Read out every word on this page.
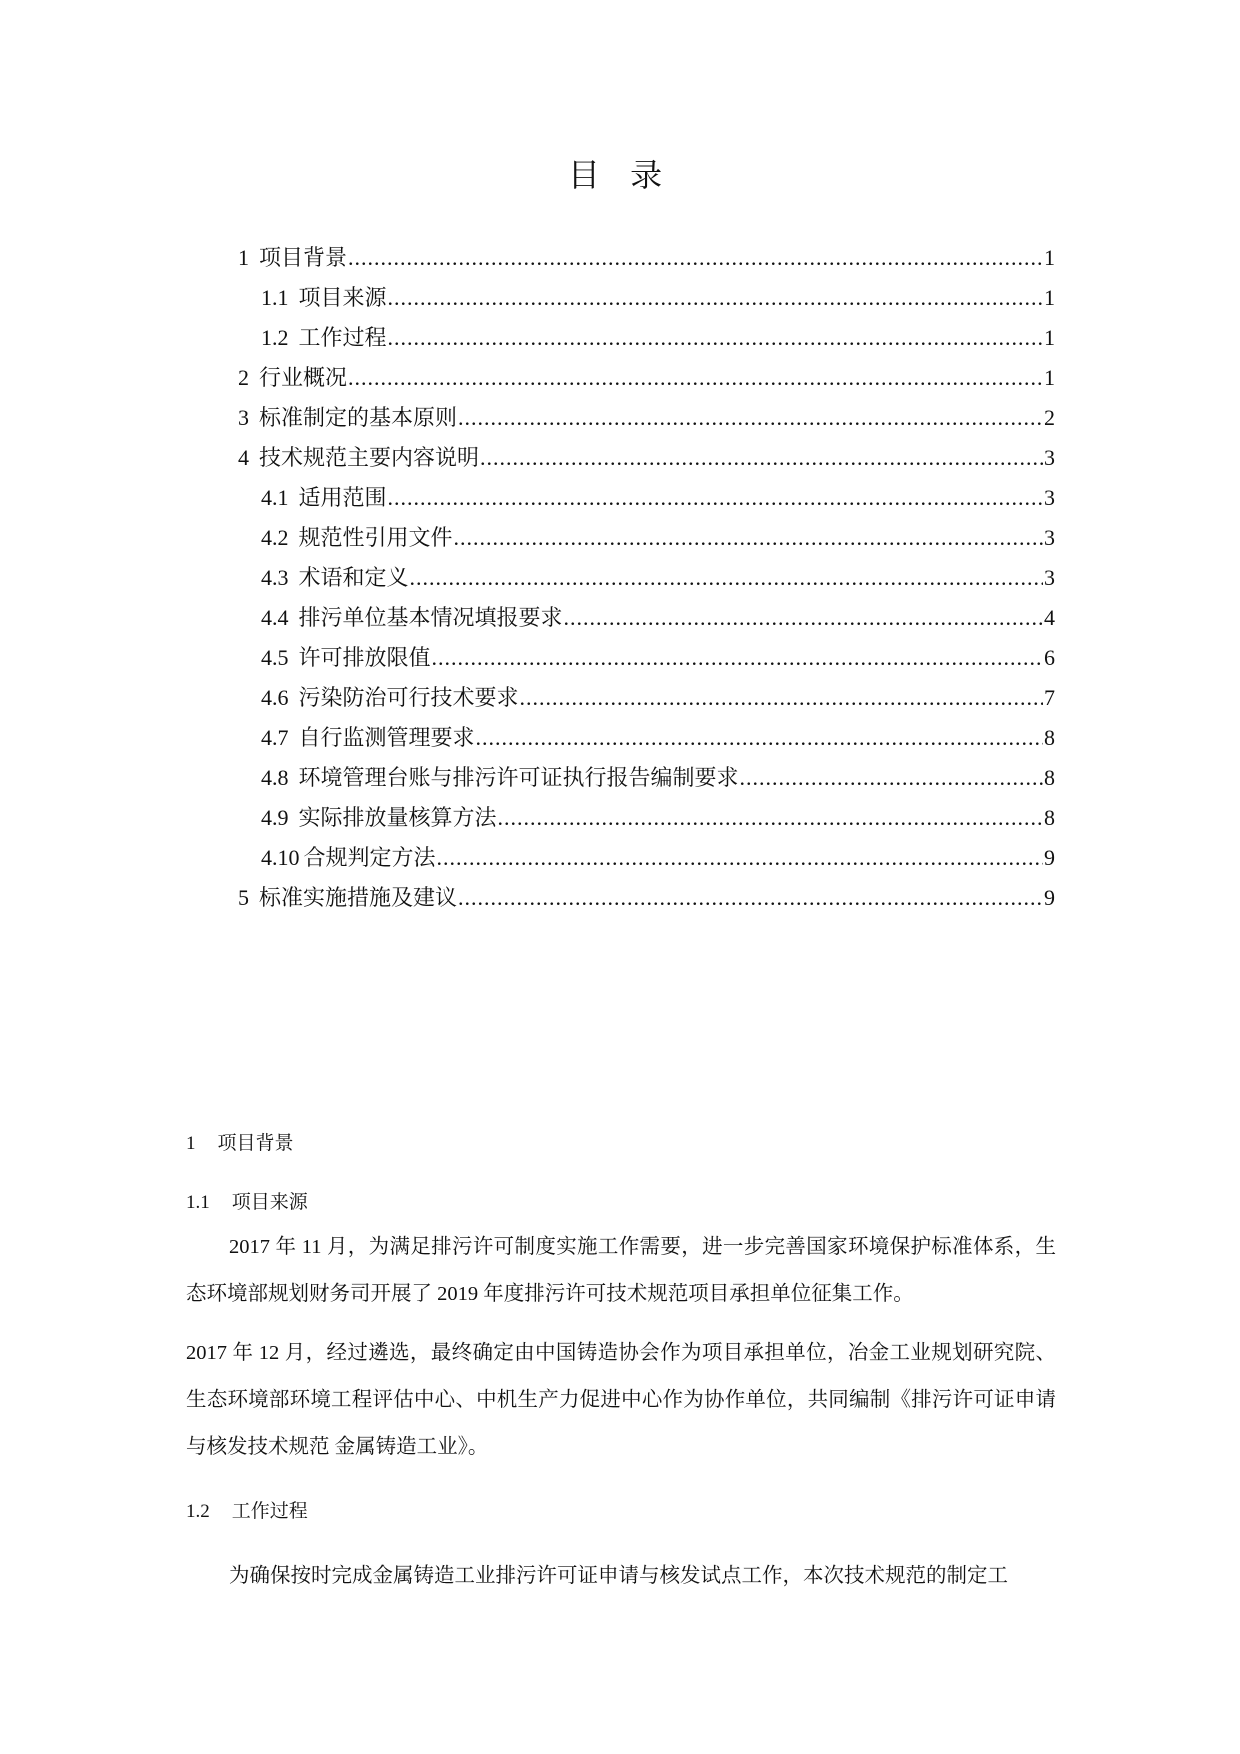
目 录
1 项目背景 .....	1
1.1 项目来源 .....	1
1.2 工作过程 .....	1
2 行业概况 .....	1
3 标准制定的基本原则 .....	2
4 技术规范主要内容说明 .....	3
4.1 适用范围 .....	3
4.2 规范性引用文件 .....	3
4.3 术语和定义 .....	3
4.4 排污单位基本情况填报要求 .....	4
4.5 许可排放限值 .....	6
4.6 污染防治可行技术要求 .....	7
4.7 自行监测管理要求 .....	8
4.8 环境管理台账与排污许可证执行报告编制要求 .....	8
4.9 实际排放量核算方法 .....	8
4.10 合规判定方法 .....	9
5 标准实施措施及建议 .....	9
1 项目背景
1.1 项目来源
2017 年 11 月，为满足排污许可制度实施工作需要，进一步完善国家环境保护标准体系，生态环境部规划财务司开展了 2019 年度排污许可技术规范项目承担单位征集工作。
2017 年 12 月，经过遴选，最终确定由中国铸造协会作为项目承担单位，冶金工业规划研究院、生态环境部环境工程评估中心、中机生产力促进中心作为协作单位，共同编制《排污许可证申请与核发技术规范 金属铸造工业》。
1.2 工作过程
为确保按时完成金属铸造工业排污许可证申请与核发试点工作，本次技术规范的制定工
